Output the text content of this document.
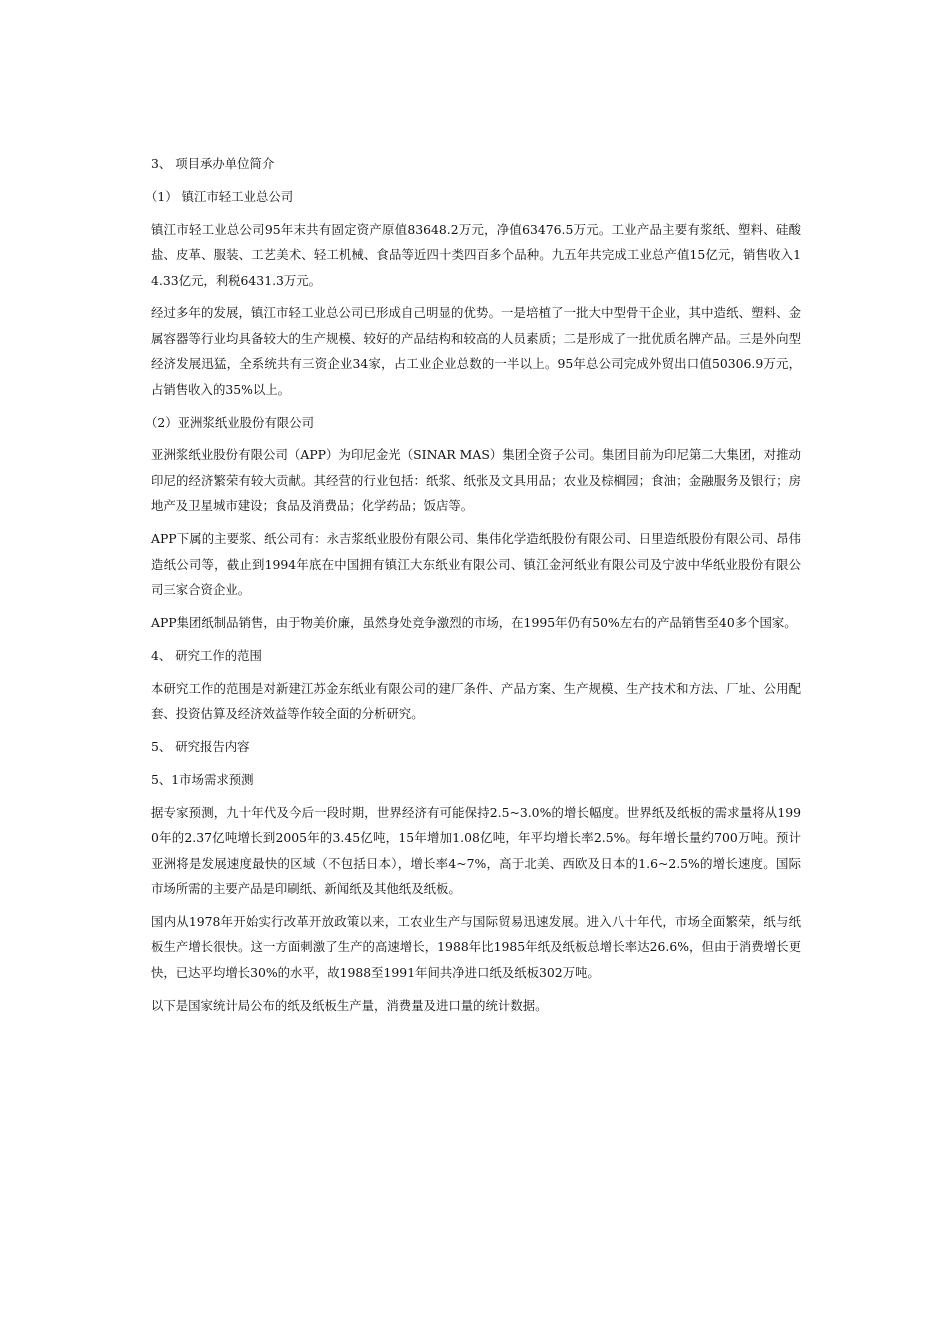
3、 项目承办单位简介
（1） 镇江市轻工业总公司
镇江市轻工业总公司95年末共有固定资产原值83648.2万元，净值63476.5万元。工业产品主要有浆纸、塑料、硅酸盐、皮革、服装、工艺美术、轻工机械、食品等近四十类四百多个品种。九五年共完成工业总产值15亿元，销售收入14.33亿元，利税6431.3万元。
经过多年的发展，镇江市轻工业总公司已形成自己明显的优势。一是培植了一批大中型骨干企业，其中造纸、塑料、金属容器等行业均具备较大的生产规模、较好的产品结构和较高的人员素质；二是形成了一批优质名牌产品。三是外向型经济发展迅猛，全系统共有三资企业34家，占工业企业总数的一半以上。95年总公司完成外贸出口值50306.9万元，占销售收入的35%以上。
（2）亚洲浆纸业股份有限公司
亚洲浆纸业股份有限公司（APP）为印尼金光（SINAR MAS）集团全资子公司。集团目前为印尼第二大集团，对推动印尼的经济繁荣有较大贡献。其经营的行业包括：纸浆、纸张及文具用品；农业及棕榈园；食油；金融服务及银行；房地产及卫星城市建设；食品及消费品；化学药品；饭店等。
APP下属的主要浆、纸公司有：永吉浆纸业股份有限公司、集伟化学造纸股份有限公司、日里造纸股份有限公司、昂伟造纸公司等，截止到1994年底在中国拥有镇江大东纸业有限公司、镇江金河纸业有限公司及宁波中华纸业股份有限公司三家合资企业。
APP集团纸制品销售，由于物美价廉，虽然身处竞争激烈的市场，在1995年仍有50%左右的产品销售至40多个国家。
4、 研究工作的范围
本研究工作的范围是对新建江苏金东纸业有限公司的建厂条件、产品方案、生产规模、生产技术和方法、厂址、公用配套、投资估算及经济效益等作较全面的分析研究。
5、 研究报告内容
5、1市场需求预测
据专家预测，九十年代及今后一段时期，世界经济有可能保持2.5~3.0%的增长幅度。世界纸及纸板的需求量将从1990年的2.37亿吨增长到2005年的3.45亿吨，15年增加1.08亿吨，年平均增长率2.5%。每年增长量约700万吨。预计亚洲将是发展速度最快的区域（不包括日本），增长率4~7%，高于北美、西欧及日本的1.6~2.5%的增长速度。国际市场所需的主要产品是印刷纸、新闻纸及其他纸及纸板。
国内从1978年开始实行改革开放政策以来，工农业生产与国际贸易迅速发展。进入八十年代，市场全面繁荣，纸与纸板生产增长很快。这一方面刺激了生产的高速增长，1988年比1985年纸及纸板总增长率达26.6%，但由于消费增长更快，已达平均增长30%的水平，故1988至1991年间共净进口纸及纸板302万吨。
以下是国家统计局公布的纸及纸板生产量，消费量及进口量的统计数据。
